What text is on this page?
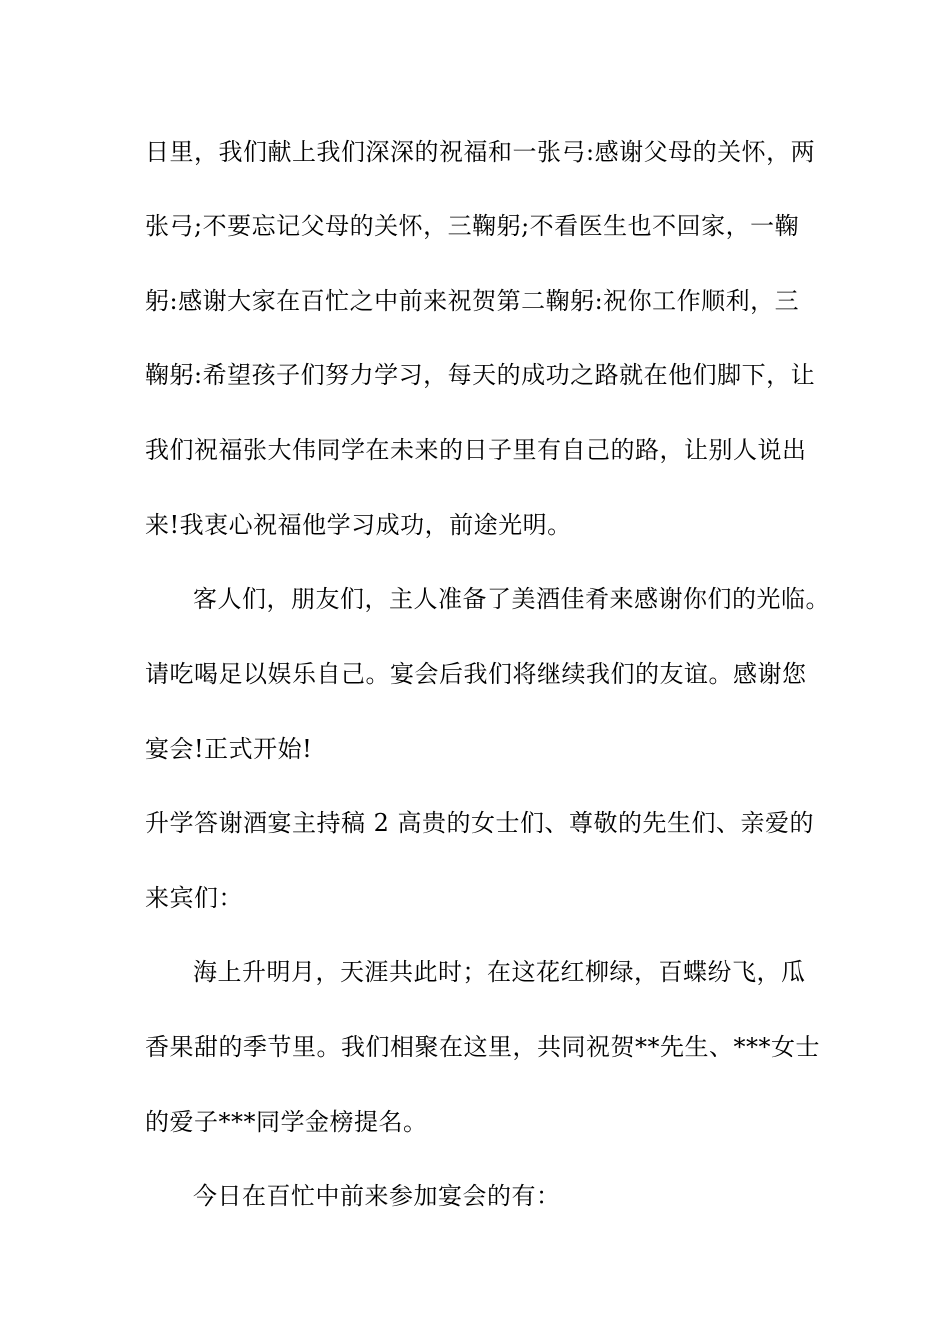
日里，我们献上我们深深的祝福和一张弓:感谢父母的关怀，两
张弓;不要忘记父母的关怀，三鞠躬;不看医生也不回家，一鞠
躬:感谢大家在百忙之中前来祝贺第二鞠躬:祝你工作顺利，三
鞠躬:希望孩子们努力学习，每天的成功之路就在他们脚下，让
我们祝福张大伟同学在未来的日子里有自己的路，让别人说出
来!我衷心祝福他学习成功，前途光明。
客人们，朋友们，主人准备了美酒佳肴来感谢你们的光临。
请吃喝足以娱乐自己。宴会后我们将继续我们的友谊。感谢您
宴会!正式开始!
升学答谢酒宴主持稿 2 高贵的女士们、尊敬的先生们、亲爱的
来宾们：
海上升明月，天涯共此时；在这花红柳绿，百蝶纷飞，瓜
香果甜的季节里。我们相聚在这里，共同祝贺**先生、***女士
的爱子***同学金榜提名。
今日在百忙中前来参加宴会的有：
